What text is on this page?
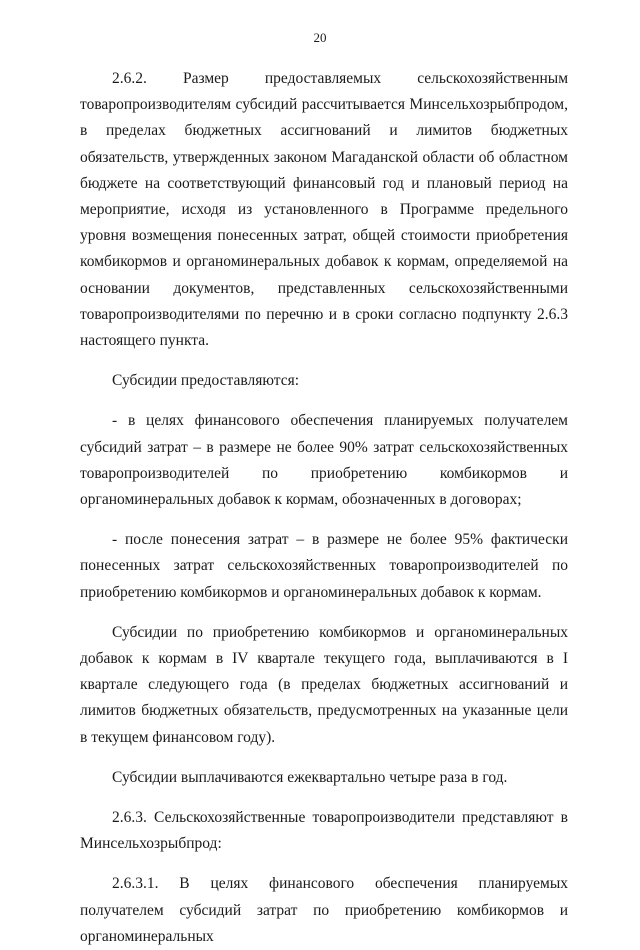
20

2.6.2. Размер предоставляемых сельскохозяйственным товаропроизводителям субсидий рассчитывается Минсельхозрыбпродом, в пределах бюджетных ассигнований и лимитов бюджетных обязательств, утвержденных законом Магаданской области об областном бюджете на соответствующий финансовый год и плановый период на мероприятие, исходя из установленного в Программе предельного уровня возмещения понесенных затрат, общей стоимости приобретения комбикормов и органоминеральных добавок к кормам, определяемой на основании документов, представленных сельскохозяйственными товаропроизводителями по перечню и в сроки согласно подпункту 2.6.3 настоящего пункта.

Субсидии предоставляются:

- в целях финансового обеспечения планируемых получателем субсидий затрат – в размере не более 90% затрат сельскохозяйственных товаропроизводителей по приобретению комбикормов и органоминеральных добавок к кормам, обозначенных в договорах;

- после понесения затрат – в размере не более 95% фактически понесенных затрат сельскохозяйственных товаропроизводителей по приобретению комбикормов и органоминеральных добавок к кормам.

Субсидии по приобретению комбикормов и органоминеральных добавок к кормам в IV квартале текущего года, выплачиваются в I квартале следующего года (в пределах бюджетных ассигнований и лимитов бюджетных обязательств, предусмотренных на указанные цели в текущем финансовом году).

Субсидии выплачиваются ежеквартально четыре раза в год.

2.6.3. Сельскохозяйственные товаропроизводители представляют в Минсельхозрыбпрод:

2.6.3.1. В целях финансового обеспечения планируемых получателем субсидий затрат по приобретению комбикормов и органоминеральных
